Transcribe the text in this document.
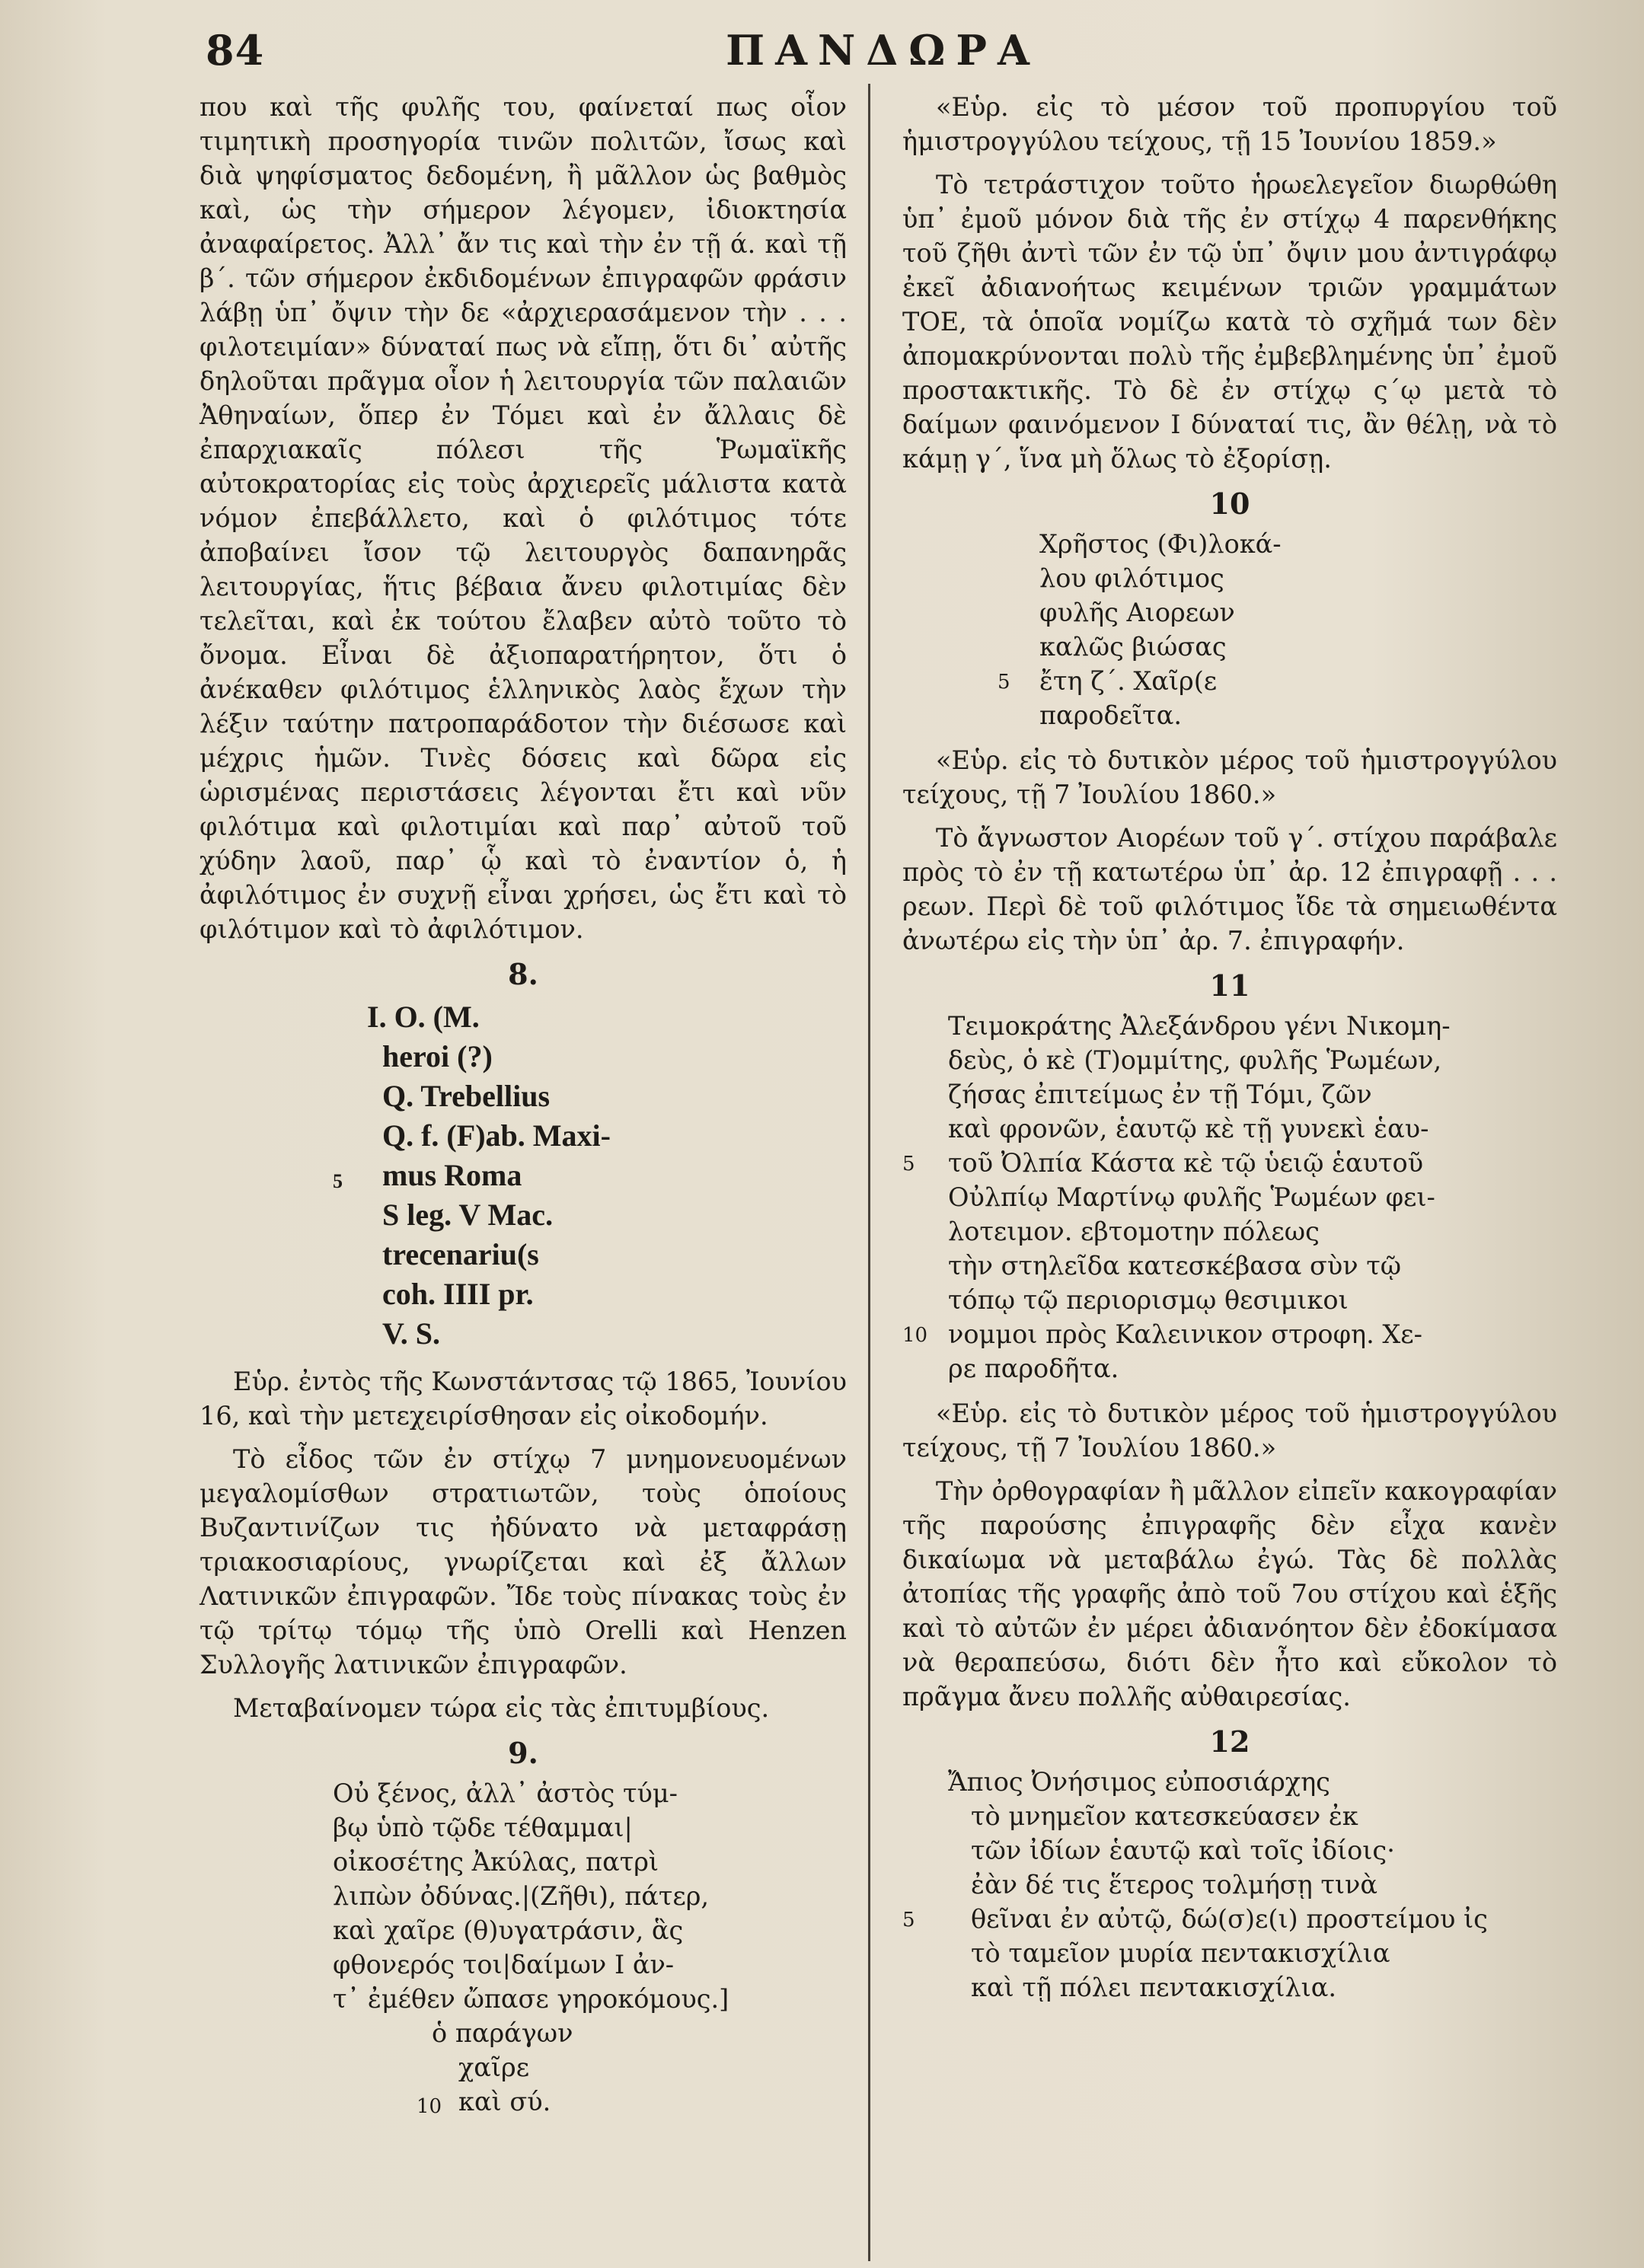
84	ΠΑΝΔΩΡΑ

που καὶ τῆς φυλῆς του, φαίνεταί πως οἷον τιμητικὴ προσηγορία τινῶν πολιτῶν, ἴσως καὶ διὰ ψηφίσματος δεδομένη, ἢ μᾶλλον ὡς βαθμὸς καὶ, ὡς τὴν σήμερον λέγομεν, ἰδιοκτησία ἀναφαίρετος. Ἀλλ᾽ ἄν τις καὶ τὴν ἐν τῇ ά. καὶ τῇ β΄. τῶν σήμερον ἐκδιδομένων ἐπιγραφῶν φράσιν λάβῃ ὑπ᾽ ὄψιν τὴν δε «ἀρχιερασάμενον τὴν . . . φιλοτειμίαν» δύναταί πως νὰ εἴπῃ, ὅτι δι᾽ αὐτῆς δηλοῦται πρᾶγμα οἷον ἡ λειτουργία τῶν παλαιῶν Ἀθηναίων, ὅπερ ἐν Τόμει καὶ ἐν ἄλλαις δὲ ἐπαρχιακαῖς πόλεσι τῆς Ῥωμαϊκῆς αὐτοκρατορίας εἰς τοὺς ἀρχιερεῖς μάλιστα κατὰ νόμον ἐπεβάλλετο, καὶ ὁ φιλότιμος τότε ἀποβαίνει ἴσον τῷ λειτουργὸς δαπανηρᾶς λειτουργίας, ἥτις βέβαια ἄνευ φιλοτιμίας δὲν τελεῖται, καὶ ἐκ τούτου ἔλαβεν αὐτὸ τοῦτο τὸ ὄνομα. Εἶναι δὲ ἀξιοπαρατήρητον, ὅτι ὁ ἀνέκαθεν φιλότιμος ἑλληνικὸς λαὸς ἔχων τὴν λέξιν ταύτην πατροπαράδοτον τὴν διέσωσε καὶ μέχρις ἡμῶν. Τινὲς δόσεις καὶ δῶρα εἰς ὡρισμένας περιστάσεις λέγονται ἔτι καὶ νῦν φιλότιμα καὶ φιλοτιμίαι καὶ παρ᾽ αὐτοῦ τοῦ χύδην λαοῦ, παρ᾽ ᾧ καὶ τὸ ἐναντίον ὁ, ἡ ἀφιλότιμος ἐν συχνῇ εἶναι χρήσει, ὡς ἔτι καὶ τὸ φιλότιμον καὶ τὸ ἀφιλότιμον.

8.
I. O. (M.
heroi (?)
Q. Trebellius
Q. f. (F)ab. Maxi-
mus Roma
S leg. V Mac.
trecenariu(s
coh. IIII pr.
V. S.
5

Εὑρ. ἐντὸς τῆς Κωνστάντσας τῷ 1865, Ἰουνίου 16, καὶ τὴν μετεχειρίσθησαν εἰς οἰκοδομήν.

Τὸ εἶδος τῶν ἐν στίχῳ 7 μνημονευομένων μεγαλομίσθων στρατιωτῶν, τοὺς ὁποίους Βυζαντινίζων τις ἠδύνατο νὰ μεταφράσῃ τριακοσιαρίους, γνωρίζεται καὶ ἐξ ἄλλων Λατινικῶν ἐπιγραφῶν. Ἴδε τοὺς πίνακας τοὺς ἐν τῷ τρίτῳ τόμῳ τῆς ὑπὸ Orelli καὶ Henzen Συλλογῆς λατινικῶν ἐπιγραφῶν.

Μεταβαίνομεν τώρα εἰς τὰς ἐπιτυμβίους.

9.
Οὐ ξένος, ἀλλ᾽ ἀστὸς τύμ-
βῳ ὑπὸ τῷδε τέθαμμαι|
οἰκοσέτης Ἀκύλας, πατρὶ
λιπὼν ὀδύνας.|(Ζῆθι), πάτερ,
καὶ χαῖρε (θ)υγατράσιν, ἃς
φθονερός τοι|δαίμων I ἀν-
τ᾽ ἐμέθεν ὤπασε γηροκόμους.]
ὁ παράγων
χαῖρε
καὶ σύ.
10

«Εὑρ. εἰς τὸ μέσον τοῦ προπυργίου τοῦ ἡμιστρογγύλου τείχους, τῇ 15 Ἰουνίου 1859.»

Τὸ τετράστιχον τοῦτο ἡρωελεγεῖον διωρθώθη ὑπ᾽ ἐμοῦ μόνον διὰ τῆς ἐν στίχῳ 4 παρενθήκης τοῦ ζῆθι ἀντὶ τῶν ἐν τῷ ὑπ᾽ ὄψιν μου ἀντιγράφῳ ἐκεῖ ἀδιανοήτως κειμένων τριῶν γραμμάτων ΤΟΕ, τὰ ὁποῖα νομίζω κατὰ τὸ σχῆμά των δὲν ἀπομακρύνονται πολὺ τῆς ἐμβεβλημένης ὑπ᾽ ἐμοῦ προστακτικῆς. Τὸ δὲ ἐν στίχῳ ς΄ῳ μετὰ τὸ δαίμων φαινόμενον I δύναταί τις, ἂν θέλῃ, νὰ τὸ κάμῃ γ΄, ἵνα μὴ ὅλως τὸ ἐξορίσῃ.

10
Χρῆστος (Φι)λοκά-
λου φιλότιμος
φυλῆς Αιορεων
καλῶς βιώσας
ἔτη ζ΄. Χαῖρ(ε
παροδεῖτα.
5

«Εὑρ. εἰς τὸ δυτικὸν μέρος τοῦ ἡμιστρογγύλου τείχους, τῇ 7 Ἰουλίου 1860.»

Τὸ ἄγνωστον Αιορέων τοῦ γ΄. στίχου παράβαλε πρὸς τὸ ἐν τῇ κατωτέρω ὑπ᾽ ἀρ. 12 ἐπιγραφῇ . . . ρεων. Περὶ δὲ τοῦ φιλότιμος ἴδε τὰ σημειωθέντα ἀνωτέρω εἰς τὴν ὑπ᾽ ἀρ. 7. ἐπιγραφήν.

11
Τειμοκράτης Ἀλεξάνδρου γένι Νικομη-
δεὺς, ὁ κὲ (Τ)ομμίτης, φυλῆς Ῥωμέων,
ζήσας ἐπιτείμως ἐν τῇ Τόμι, ζῶν
καὶ φρονῶν, ἑαυτῷ κὲ τῇ γυνεκὶ ἑαυ-
τοῦ Ὀλπία Κάστα κὲ τῷ ὑειῷ ἑαυτοῦ
Οὐλπίῳ Μαρτίνῳ φυλῆς Ῥωμέων φει-
λοτειμον. εβτομοτην πόλεως
τὴν στηλεῖδα κατεσκέβασα σὺν τῷ
τόπῳ τῷ περιορισμῳ θεσιμικοι
νομμοι πρὸς Καλεινικον στροφη. Χε-
ρε παροδῆτα.
5
10

«Εὑρ. εἰς τὸ δυτικὸν μέρος τοῦ ἡμιστρογγύλου τείχους, τῇ 7 Ἰουλίου 1860.»

Τὴν ὀρθογραφίαν ἢ μᾶλλον εἰπεῖν κακογραφίαν τῆς παρούσης ἐπιγραφῆς δὲν εἶχα κανὲν δικαίωμα νὰ μεταβάλω ἐγώ. Τὰς δὲ πολλὰς ἀτοπίας τῆς γραφῆς ἀπὸ τοῦ 7ου στίχου καὶ ἑξῆς καὶ τὸ αὐτῶν ἐν μέρει ἀδιανόητον δὲν ἐδοκίμασα νὰ θεραπεύσω, διότι δὲν ἦτο καὶ εὔκολον τὸ πρᾶγμα ἄνευ πολλῆς αὐθαιρεσίας.

12
Ἄπιος Ὀνήσιμος εὐποσιάρχης
τὸ μνημεῖον κατεσκεύασεν ἐκ
τῶν ἰδίων ἑαυτῷ καὶ τοῖς ἰδίοις·
ἐὰν δέ τις ἕτερος τολμήσῃ τινὰ
θεῖναι ἐν αὐτῷ, δώ(σ)ε(ι) προστείμου ἰς
τὸ ταμεῖον μυρία πεντακισχίλια
καὶ τῇ πόλει πεντακισχίλια.
5
